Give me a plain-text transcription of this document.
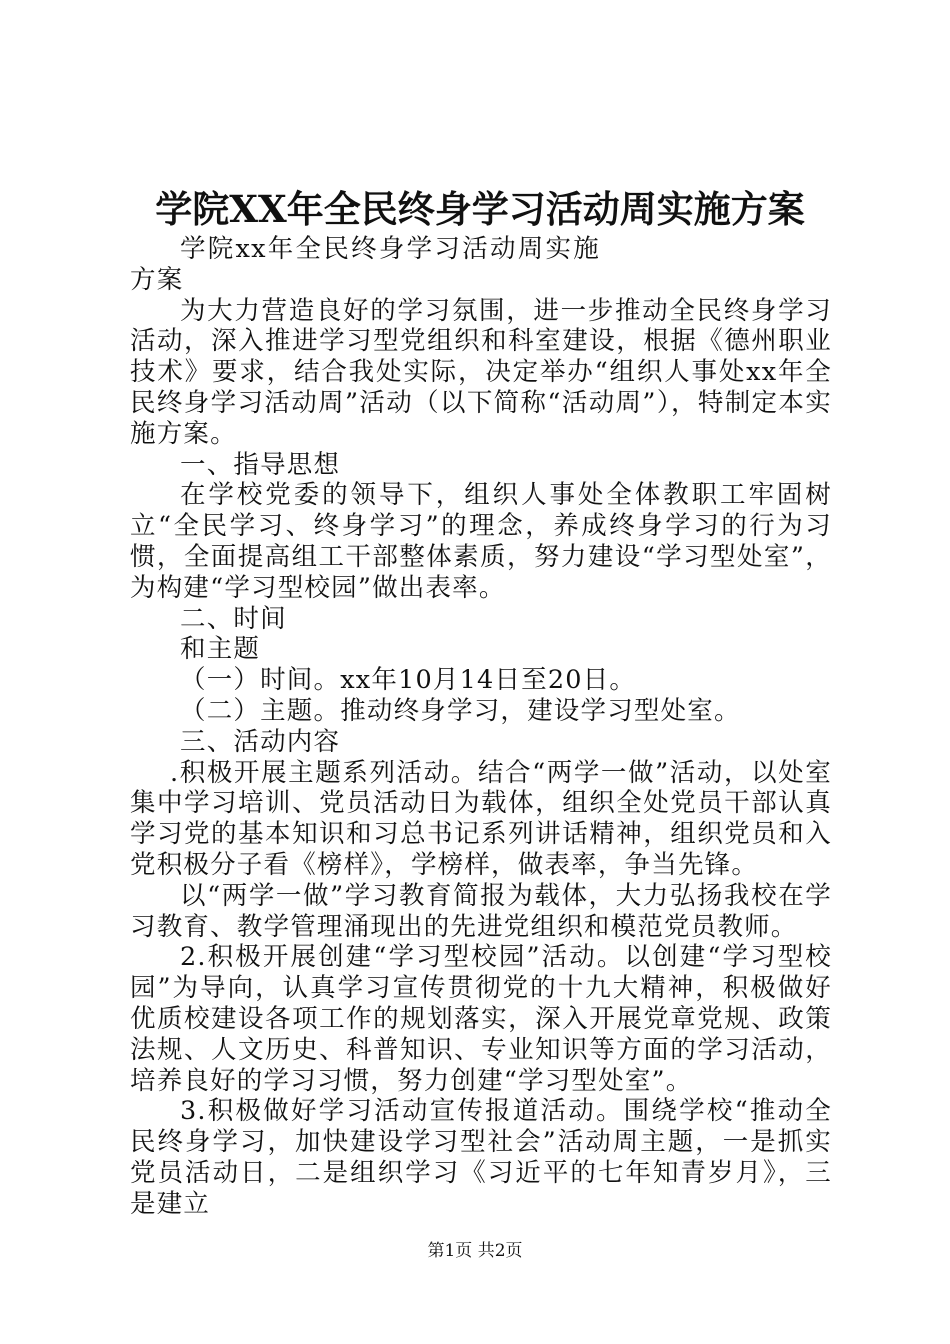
学院XX年全民终身学习活动周实施方案

学院xx年全民终身学习活动周实施方案

为大力营造良好的学习氛围，进一步推动全民终身学习活动，深入推进学习型党组织和科室建设，根据《德州职业技术》要求，结合我处实际，决定举办“组织人事处xx年全民终身学习活动周”活动（以下简称“活动周”），特制定本实施方案。

一、指导思想

在学校党委的领导下，组织人事处全体教职工牢固树立“全民学习、终身学习”的理念，养成终身学习的行为习惯，全面提高组工干部整体素质，努力建设“学习型处室”，为构建“学习型校园”做出表率。

二、时间

和主题

（一）时间。xx年10月14日至20日。

（二）主题。推动终身学习，建设学习型处室。

三、活动内容

.积极开展主题系列活动。结合“两学一做”活动，以处室集中学习培训、党员活动日为载体，组织全处党员干部认真学习党的基本知识和习总书记系列讲话精神，组织党员和入党积极分子看《榜样》，学榜样，做表率，争当先锋。

以“两学一做”学习教育简报为载体，大力弘扬我校在学习教育、教学管理涌现出的先进党组织和模范党员教师。

2.积极开展创建“学习型校园”活动。以创建“学习型校园”为导向，认真学习宣传贯彻党的十九大精神，积极做好优质校建设各项工作的规划落实，深入开展党章党规、政策法规、人文历史、科普知识、专业知识等方面的学习活动，培养良好的学习习惯，努力创建“学习型处室”。

3.积极做好学习活动宣传报道活动。围绕学校“推动全民终身学习，加快建设学习型社会”活动周主题，一是抓实党员活动日，二是组织学习《习近平的七年知青岁月》，三是建立

第1页 共2页
